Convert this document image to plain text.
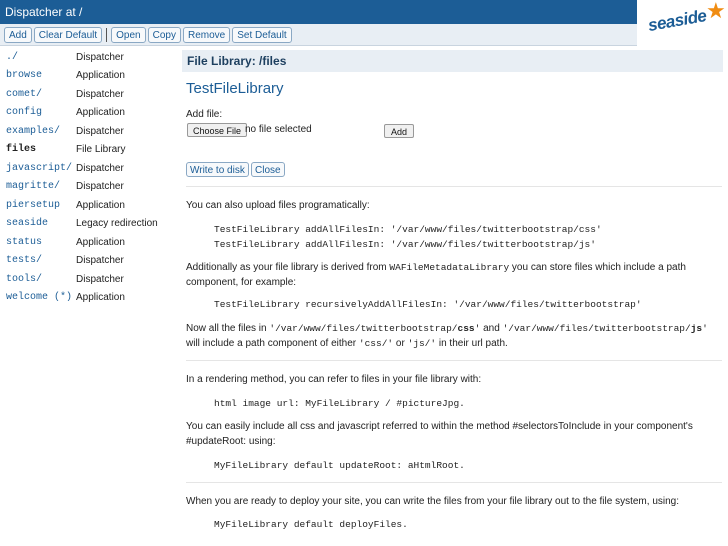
Dispatcher at /	seaside
★
Add Clear Default Open Copy Remove Set Default
./	Dispatcher
browse	Application
comet/	Dispatcher
config	Application
examples/ Dispatcher
files	File Library
javascript/ Dispatcher
magritte/ Dispatcher
piersetup Application
seaside	Legacy redirection
status	Application
tests/	Dispatcher
tools/	Dispatcher
welcome (*) Application
File Library: /files
TestFileLibrary
Add file:
Choose File no file selected	Add
Write to disk	Close
You can also upload files programatically:
TestFileLibrary addAllFilesIn: '/var/www/files/twitterbootstrap/css'
TestFileLibrary addAllFilesIn: '/var/www/files/twitterbootstrap/js'
Additionally as your file library is derived from WAFileMetadataLibrary you can store files which include a path component, for example:
TestFileLibrary recursivelyAddAllFilesIn: '/var/www/files/twitterbootstrap'
Now all the files in '/var/www/files/twitterbootstrap/css' and '/var/www/files/twitterbootstrap/js' will include a path component of either 'css/' or 'js/' in their url path.
In a rendering method, you can refer to files in your file library with:
html image url: MyFileLibrary / #pictureJpg.
You can easily include all css and javascript referred to within the method #selectorsToInclude in your component's #updateRoot: using:
MyFileLibrary default updateRoot: aHtmlRoot.
When you are ready to deploy your site, you can write the files from your file library out to the file system, using:
MyFileLibrary default deployFiles.
